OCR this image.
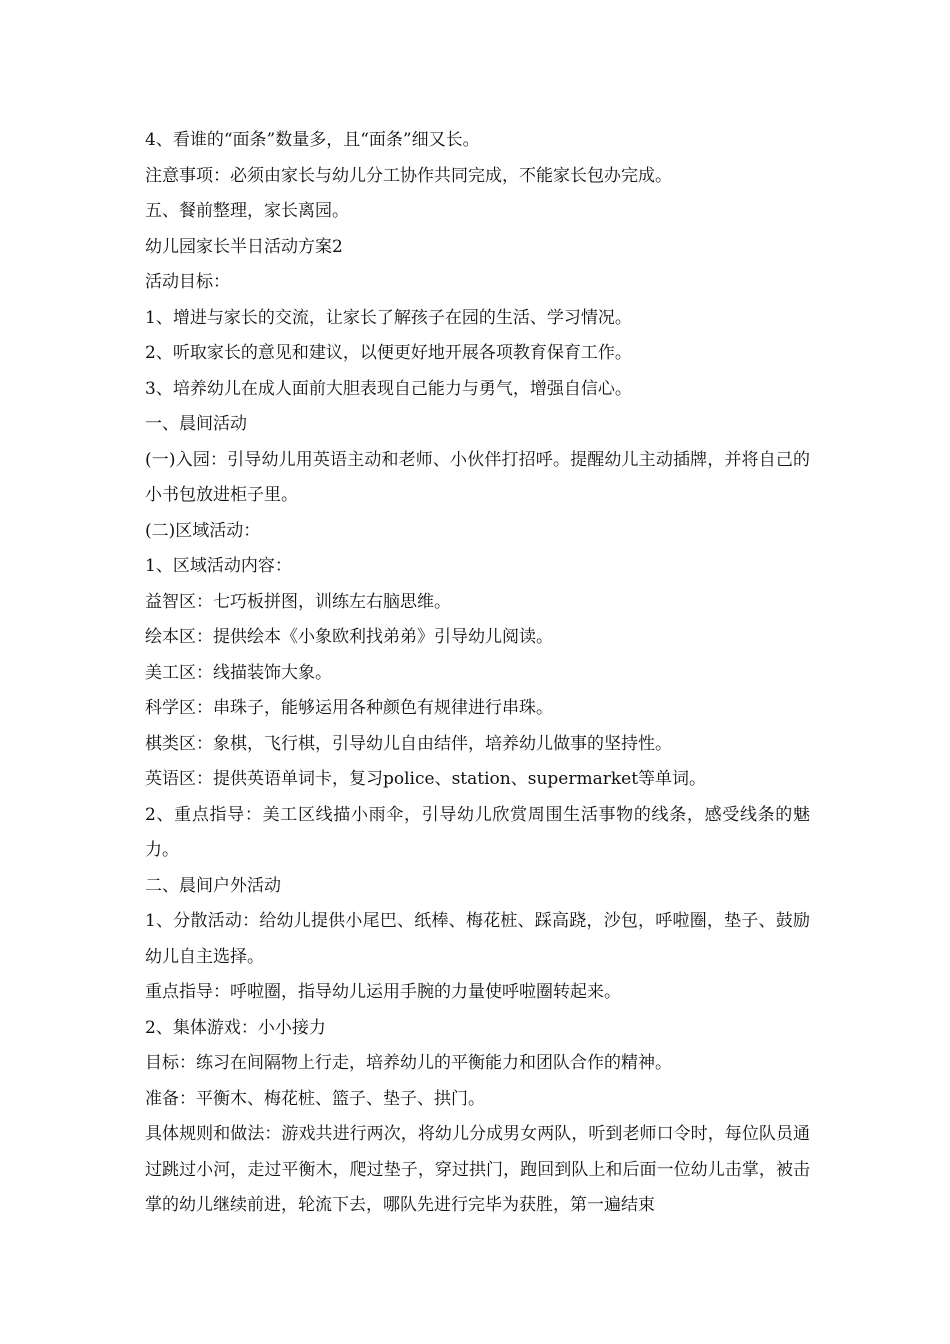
4、看谁的“面条”数量多，且“面条”细又长。

注意事项：必须由家长与幼儿分工协作共同完成，不能家长包办完成。

五、餐前整理，家长离园。

幼儿园家长半日活动方案2

活动目标：

1、增进与家长的交流，让家长了解孩子在园的生活、学习情况。

2、听取家长的意见和建议，以便更好地开展各项教育保育工作。

3、培养幼儿在成人面前大胆表现自己能力与勇气，增强自信心。

一、晨间活动

(一)入园：引导幼儿用英语主动和老师、小伙伴打招呼。提醒幼儿主动插牌，并将自己的小书包放进柜子里。

(二)区域活动：

1、区域活动内容：

益智区：七巧板拼图，训练左右脑思维。

绘本区：提供绘本《小象欧利找弟弟》引导幼儿阅读。

美工区：线描装饰大象。

科学区：串珠子，能够运用各种颜色有规律进行串珠。

棋类区：象棋，飞行棋，引导幼儿自由结伴，培养幼儿做事的坚持性。

英语区：提供英语单词卡，复习police、station、supermarket等单词。

2、重点指导：美工区线描小雨伞，引导幼儿欣赏周围生活事物的线条，感受线条的魅力。

二、晨间户外活动

1、分散活动：给幼儿提供小尾巴、纸棒、梅花桩、踩高跷，沙包，呼啦圈，垫子、鼓励幼儿自主选择。

重点指导：呼啦圈，指导幼儿运用手腕的力量使呼啦圈转起来。

2、集体游戏：小小接力

目标：练习在间隔物上行走，培养幼儿的平衡能力和团队合作的精神。

准备：平衡木、梅花桩、篮子、垫子、拱门。

具体规则和做法：游戏共进行两次，将幼儿分成男女两队，听到老师口令时，每位队员通过跳过小河，走过平衡木，爬过垫子，穿过拱门，跑回到队上和后面一位幼儿击掌，被击掌的幼儿继续前进，轮流下去，哪队先进行完毕为获胜，第一遍结束
